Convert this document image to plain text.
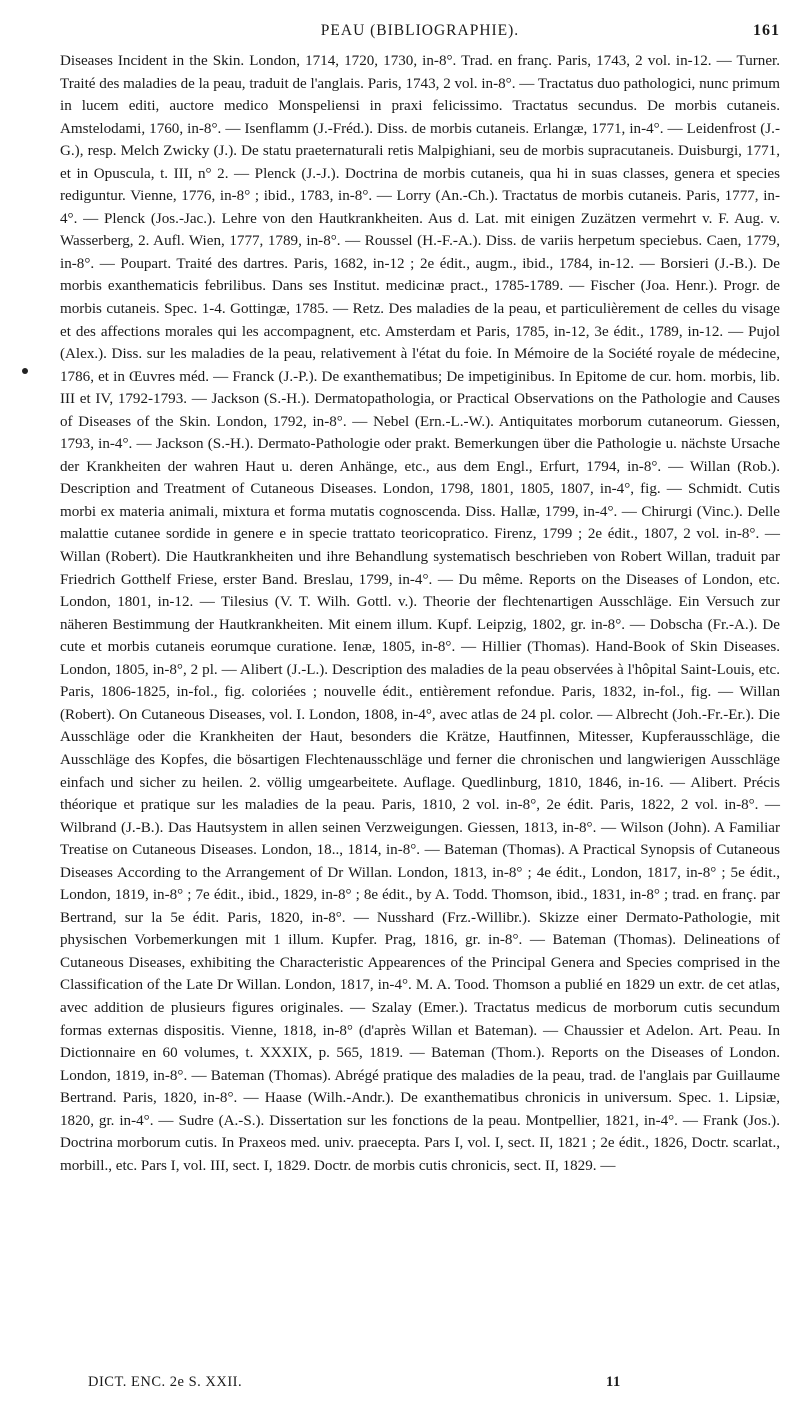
PEAU (BIBLIOGRAPHIE).	161

Diseases Incident in the Skin. London, 1714, 1720, 1730, in-8°. Trad. en franç. Paris, 1743, 2 vol. in-12. — Turner. Traité des maladies de la peau, traduit de l'anglais. Paris, 1743, 2 vol. in-8°. — Tractatus duo pathologici, nunc primum in lucem editi, auctore medico Monspeliensi in praxi felicissimo. Tractatus secundus. De morbis cutaneis. Amstelodami, 1760, in-8°. — Isenflamm (J.-Fréd.). Diss. de morbis cutaneis. Erlangæ, 1771, in-4°. — Leidenfrost (J.-G.), resp. Melch Zwicky (J.). De statu praeternaturali retis Malpighiani, seu de morbis supracutaneis. Duisburgi, 1771, et in Opuscula, t. III, n° 2. — Plenck (J.-J.). Doctrina de morbis cutaneis, qua hi in suas classes, genera et species rediguntur. Vienne, 1776, in-8° ; ibid., 1783, in-8°. — Lorry (An.-Ch.). Tractatus de morbis cutaneis. Paris, 1777, in-4°. — Plenck (Jos.-Jac.). Lehre von den Hautkrankheiten. Aus d. Lat. mit einigen Zuzätzen vermehrt v. F. Aug. v. Wasserberg, 2. Aufl. Wien, 1777, 1789, in-8°. — Roussel (H.-F.-A.). Diss. de variis herpetum speciebus. Caen, 1779, in-8°. — Poupart. Traité des dartres. Paris, 1682, in-12 ; 2e édit., augm., ibid., 1784, in-12. — Borsieri (J.-B.). De morbis exanthematicis febrilibus. Dans ses Institut. medicinæ pract., 1785-1789. — Fischer (Joa. Henr.). Progr. de morbis cutaneis. Spec. 1-4. Gottingæ, 1785. — Retz. Des maladies de la peau, et particulièrement de celles du visage et des affections morales qui les accompagnent, etc. Amsterdam et Paris, 1785, in-12, 3e édit., 1789, in-12. — Pujol (Alex.). Diss. sur les maladies de la peau, relativement à l'état du foie. In Mémoire de la Société royale de médecine, 1786, et in Œuvres méd. — Franck (J.-P.). De exanthematibus; De impetiginibus. In Epitome de cur. hom. morbis, lib. III et IV, 1792-1793. — Jackson (S.-H.). Dermatopathologia, or Practical Observations on the Pathologie and Causes of Diseases of the Skin. London, 1792, in-8°. — Nebel (Ern.-L.-W.). Antiquitates morborum cutaneorum. Giessen, 1793, in-4°. — Jackson (S.-H.). Dermato-Pathologie oder prakt. Bemerkungen über die Pathologie u. nächste Ursache der Krankheiten der wahren Haut u. deren Anhänge, etc., aus dem Engl., Erfurt, 1794, in-8°. — Willan (Rob.). Description and Treatment of Cutaneous Diseases. London, 1798, 1801, 1805, 1807, in-4°, fig. — Schmidt. Cutis morbi ex materia animali, mixtura et forma mutatis cognoscenda. Diss. Hallæ, 1799, in-4°. — Chirurgi (Vinc.). Delle malattie cutanee sordide in genere e in specie trattato teoricopratico. Firenz, 1799 ; 2e édit., 1807, 2 vol. in-8°. — Willan (Robert). Die Hautkrankheiten und ihre Behandlung systematisch beschrieben von Robert Willan, traduit par Friedrich Gotthelf Friese, erster Band. Breslau, 1799, in-4°. — Du même. Reports on the Diseases of London, etc. London, 1801, in-12. — Tilesius (V. T. Wilh. Gottl. v.). Theorie der flechtenartigen Ausschläge. Ein Versuch zur näheren Bestimmung der Hautkrankheiten. Mit einem illum. Kupf. Leipzig, 1802, gr. in-8°. — Dobscha (Fr.-A.). De cute et morbis cutaneis eorumque curatione. Ienæ, 1805, in-8°. — Hillier (Thomas). Hand-Book of Skin Diseases. London, 1805, in-8°, 2 pl. — Alibert (J.-L.). Description des maladies de la peau observées à l'hôpital Saint-Louis, etc. Paris, 1806-1825, in-fol., fig. coloriées ; nouvelle édit., entièrement refondue. Paris, 1832, in-fol., fig. — Willan (Robert). On Cutaneous Diseases, vol. I. London, 1808, in-4°, avec atlas de 24 pl. color. — Albrecht (Joh.-Fr.-Er.). Die Ausschläge oder die Krankheiten der Haut, besonders die Krätze, Hautfinnen, Mitesser, Kupferausschläge, die Ausschläge des Kopfes, die bösartigen Flechtenausschläge und ferner die chronischen und langwierigen Ausschläge einfach und sicher zu heilen. 2. völlig umgearbeitete. Auflage. Quedlinburg, 1810, 1846, in-16. — Alibert. Précis théorique et pratique sur les maladies de la peau. Paris, 1810, 2 vol. in-8°, 2e édit. Paris, 1822, 2 vol. in-8°. — Wilbrand (J.-B.). Das Hautsystem in allen seinen Verzweigungen. Giessen, 1813, in-8°. — Wilson (John). A Familiar Treatise on Cutaneous Diseases. London, 18.., 1814, in-8°. — Bateman (Thomas). A Practical Synopsis of Cutaneous Diseases According to the Arrangement of Dr Willan. London, 1813, in-8° ; 4e édit., London, 1817, in-8° ; 5e édit., London, 1819, in-8° ; 7e édit., ibid., 1829, in-8° ; 8e édit., by A. Todd. Thomson, ibid., 1831, in-8° ; trad. en franç. par Bertrand, sur la 5e édit. Paris, 1820, in-8°. — Nusshard (Frz.-Willibr.). Skizze einer Dermato-Pathologie, mit physischen Vorbemerkungen mit 1 illum. Kupfer. Prag, 1816, gr. in-8°. — Bateman (Thomas). Delineations of Cutaneous Diseases, exhibiting the Characteristic Appearences of the Principal Genera and Species comprised in the Classification of the Late Dr Willan. London, 1817, in-4°. M. A. Tood. Thomson a publié en 1829 un extr. de cet atlas, avec addition de plusieurs figures originales. — Szalay (Emer.). Tractatus medicus de morborum cutis secundum formas externas dispositis. Vienne, 1818, in-8° (d'après Willan et Bateman). — Chaussier et Adelon. Art. Peau. In Dictionnaire en 60 volumes, t. XXXIX, p. 565, 1819. — Bateman (Thom.). Reports on the Diseases of London. London, 1819, in-8°. — Bateman (Thomas). Abrégé pratique des maladies de la peau, trad. de l'anglais par Guillaume Bertrand. Paris, 1820, in-8°. — Haase (Wilh.-Andr.). De exanthematibus chronicis in universum. Spec. 1. Lipsiæ, 1820, gr. in-4°. — Sudre (A.-S.). Dissertation sur les fonctions de la peau. Montpellier, 1821, in-4°. — Frank (Jos.). Doctrina morborum cutis. In Praxeos med. univ. praecepta. Pars I, vol. I, sect. II, 1821 ; 2e édit., 1826, Doctr. scarlat., morbill., etc. Pars I, vol. III, sect. I, 1829. Doctr. de morbis cutis chronicis, sect. II, 1829. —

DICT. ENC. 2e S. XXII.	11
